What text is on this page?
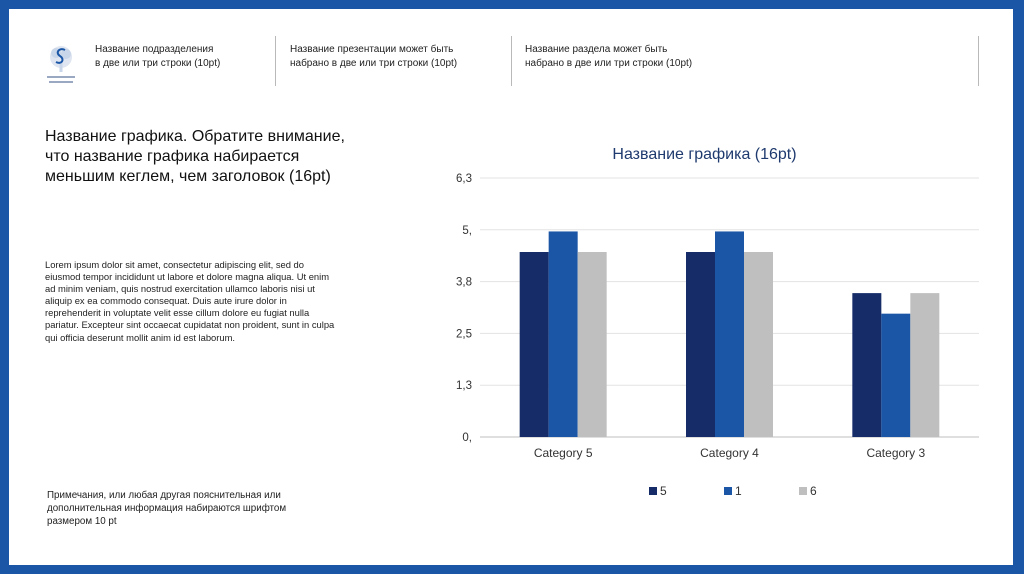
Название подразделения
в две или три строки (10pt)
Название презентации может быть
набрано в две или три строки (10pt)
Название раздела может быть
набрано в две или три строки (10pt)
Название графика. Обратите внимание, что название графика набирается меньшим кеглем, чем заголовок (16pt)
Lorem ipsum dolor sit amet, consectetur adipiscing elit, sed do eiusmod tempor incididunt ut labore et dolore magna aliqua. Ut enim ad minim veniam, quis nostrud exercitation ullamco laboris nisi ut aliquip ex ea commodo consequat. Duis aute irure dolor in reprehenderit in voluptate velit esse cillum dolore eu fugiat nulla pariatur. Excepteur sint occaecat cupidatat non proident, sunt in culpa qui officia deserunt mollit anim id est laborum.
Примечания, или любая другая пояснительная или дополнительная информация набираются шрифтом размером 10 pt
Название графика (16pt)
0,
1,3
2,5
3,8
5,
6,3
Category 5	Category 4	Category 3
5	1	6
